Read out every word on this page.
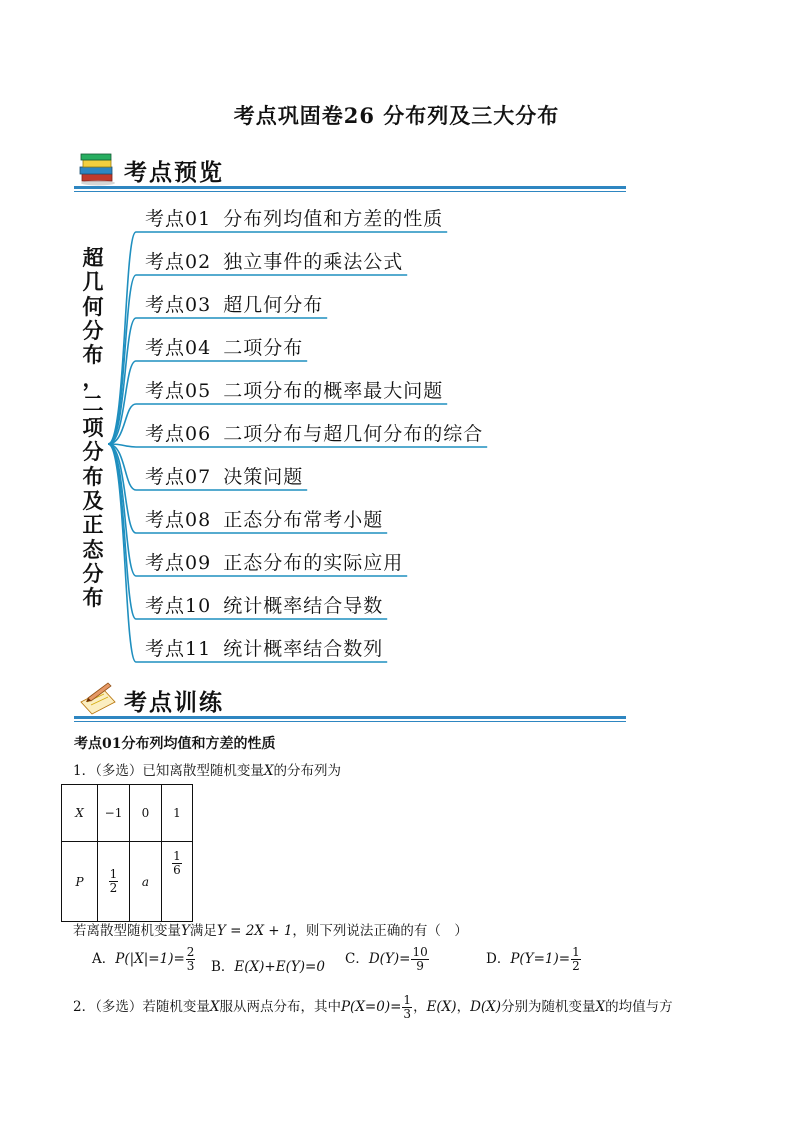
考点巩固卷26 分布列及三大分布
考点预览
超
几
何
分
布
，
二
项
分
布
及
正
态
分
布
考点01 分布列均值和方差的性质
考点02 独立事件的乘法公式
考点03 超几何分布
考点04 二项分布
考点05 二项分布的概率最大问题
考点06 二项分布与超几何分布的综合
考点07 决策问题
考点08 正态分布常考小题
考点09 正态分布的实际应用
考点10 统计概率结合导数
考点11 统计概率结合数列
考点训练
考点01分布列均值和方差的性质
1．（多选）已知离散型随机变量X的分布列为
X	−1	0	1
P	$\frac{1}{2}$	a	$\frac{1}{6}$
若离散型随机变量Y满足Y = 2X + 1，则下列说法正确的有（　）
A．$P(|X|=1)= \frac{2}{3}$ B．E(X)+E(Y)=0 C．$D(Y)= \frac{10}{9}$	D．$P(Y=1)= \frac{1}{2}$
2．（多选）若随机变量X服从两点分布，其中$P(X=0)= \frac{1}{3}$ ，E(X)，D(X)分别为随机变量X的均值与方
